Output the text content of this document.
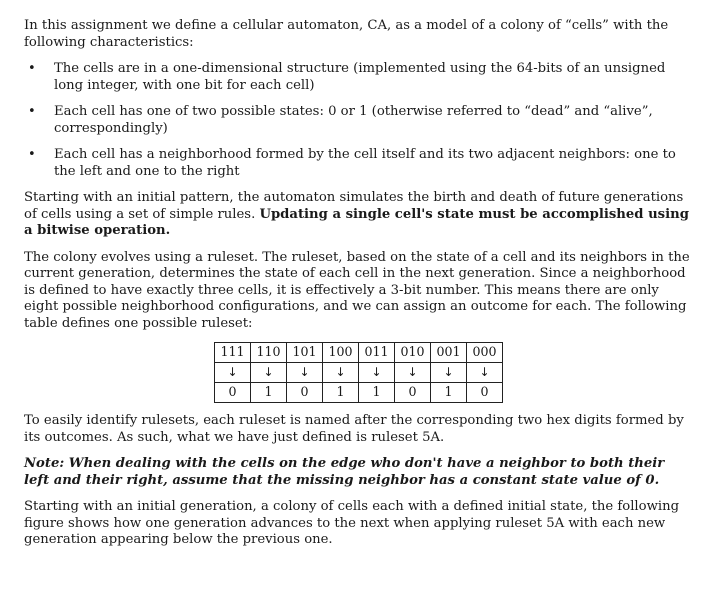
In this assignment we define a cellular automaton, CA, as a model of a colony of “cells” with the following characteristics:

• The cells are in a one-dimensional structure (implemented using the 64-bits of an unsigned long integer, with one bit for each cell)
• Each cell has one of two possible states: 0 or 1 (otherwise referred to “dead” and “alive”, correspondingly)
• Each cell has a neighborhood formed by the cell itself and its two adjacent neighbors: one to the left and one to the right

Starting with an initial pattern, the automaton simulates the birth and death of future generations of cells using a set of simple rules. Updating a single cell's state must be accomplished using a bitwise operation.

The colony evolves using a ruleset. The ruleset, based on the state of a cell and its neighbors in the current generation, determines the state of each cell in the next generation. Since a neighborhood is defined to have exactly three cells, it is effectively a 3-bit number. This means there are only eight possible neighborhood configurations, and we can assign an outcome for each. The following table defines one possible ruleset:

111	110	101	100	011	010	001	000
↓	↓	↓	↓	↓	↓	↓	↓
0	1	0	1	1	0	1	0

To easily identify rulesets, each ruleset is named after the corresponding two hex digits formed by its outcomes. As such, what we have just defined is ruleset 5A.

Note: When dealing with the cells on the edge who don't have a neighbor to both their left and their right, assume that the missing neighbor has a constant state value of 0.

Starting with an initial generation, a colony of cells each with a defined initial state, the following figure shows how one generation advances to the next when applying ruleset 5A with each new generation appearing below the previous one.
